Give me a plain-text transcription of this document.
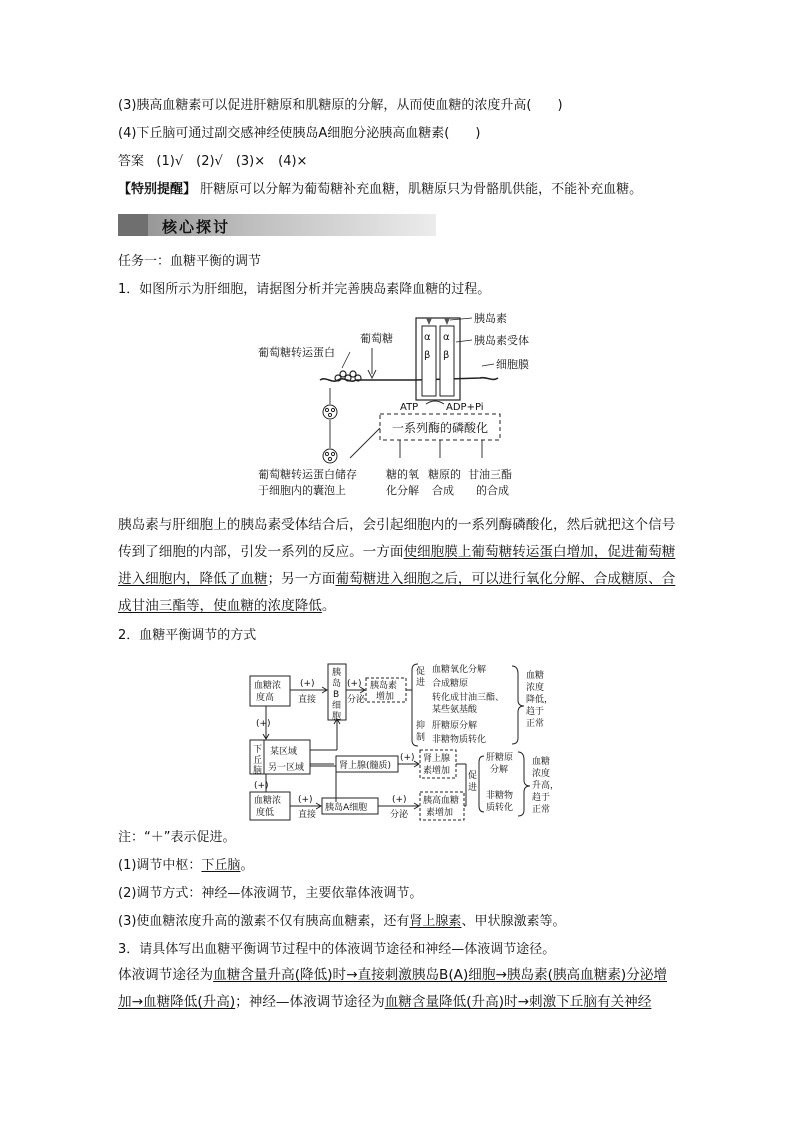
(3)胰高血糖素可以促进肝糖原和肌糖原的分解，从而使血糖的浓度升高(　　)
(4)下丘脑可通过副交感神经使胰岛A细胞分泌胰高血糖素(　　)
答案 (1)√　(2)√　(3)×　(4)×
【特别提醒】 肝糖原可以分解为葡萄糖补充血糖，肌糖原只为骨骼肌供能，不能补充血糖。
核心探讨
任务一：血糖平衡的调节
1．如图所示为肝细胞，请据图分析并完善胰岛素降血糖的过程。
葡萄糖转运蛋白
葡萄糖	α α
β β
胰岛素
胰岛素受体
细胞膜
ATP	ADP+Pi
一系列酶的磷酸化
葡萄糖转运蛋白储存
于细胞内的囊泡上
糖的氧
化分解
糖原的
合成
甘油三酯
的合成
胰岛素与肝细胞上的胰岛素受体结合后，会引起细胞内的一系列酶磷酸化，然后就把这个信号传到了细胞的内部，引发一系列的反应。一方面使细胞膜上葡萄糖转运蛋白增加，促进葡萄糖进入细胞内，降低了血糖；另一方面葡萄糖进入细胞之后，可以进行氧化分解、合成糖原、合成甘油三酯等，使血糖的浓度降低。
2．血糖平衡调节的方式
血糖浓
度高
(+)
直接
胰
岛
B
细
胞
(+)
分泌
胰岛素
增加
促
进
抑
制
血糖氧化分解
合成糖原
转化成甘油三酯、
某些氨基酸
肝糖原分解
非糖物质转化
血糖
浓度
降低，
趋于
正常
(+)
下
丘
脑
某区域
另一区域	肾上腺(髓质)
(+) 肾上腺
素增加
(+)
血糖浓
度低
(+)
直接
胰岛A细胞
(+)
分泌
胰高血糖
素增加
促
进
肝糖原
分解
非糖物
质转化
血糖
浓度
升高，
趋于
正常
注：“＋”表示促进。
(1)调节中枢：下丘脑。
(2)调节方式：神经—体液调节，主要依靠体液调节。
(3)使血糖浓度升高的激素不仅有胰高血糖素，还有肾上腺素、甲状腺激素等。
3．请具体写出血糖平衡调节过程中的体液调节途径和神经—体液调节途径。
体液调节途径为血糖含量升高(降低)时→直接刺激胰岛B(A)细胞→胰岛素(胰高血糖素)分泌增加→血糖降低(升高)；神经—体液调节途径为血糖含量降低(升高)时→刺激下丘脑有关神经
